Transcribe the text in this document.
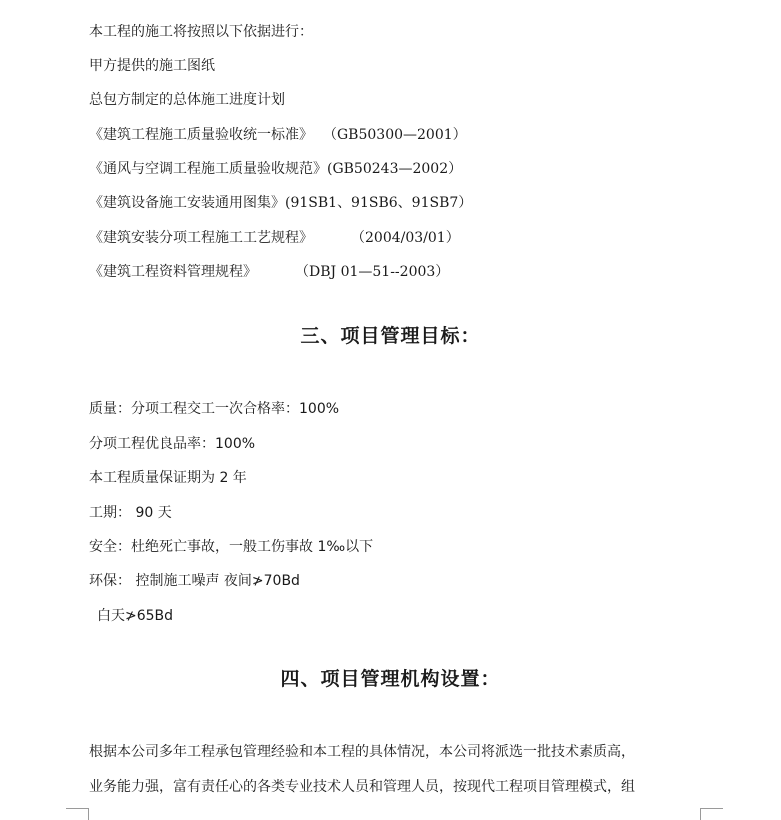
本工程的施工将按照以下依据进行：
甲方提供的施工图纸
总包方制定的总体施工进度计划
《建筑工程施工质量验收统一标准》 （GB50300—2001）
《通风与空调工程施工质量验收规范》(GB50243—2002）
《建筑设备施工安装通用图集》(91SB1、91SB6、91SB7）
《建筑安装分项工程施工工艺规程》	（2004/03/01）
《建筑工程资料管理规程》	（DBJ 01—51--2003）
三、项目管理目标：
质量：分项工程交工一次合格率：100%
分项工程优良品率：100%
本工程质量保证期为 2 年
工期： 90 天
安全：杜绝死亡事故，一般工伤事故 1‰以下
环保： 控制施工噪声 夜间≯70Bd
白天≯65Bd
四、项目管理机构设置：
根据本公司多年工程承包管理经验和本工程的具体情况，本公司将派选一批技术素质高，
业务能力强，富有责任心的各类专业技术人员和管理人员，按现代工程项目管理模式，组
